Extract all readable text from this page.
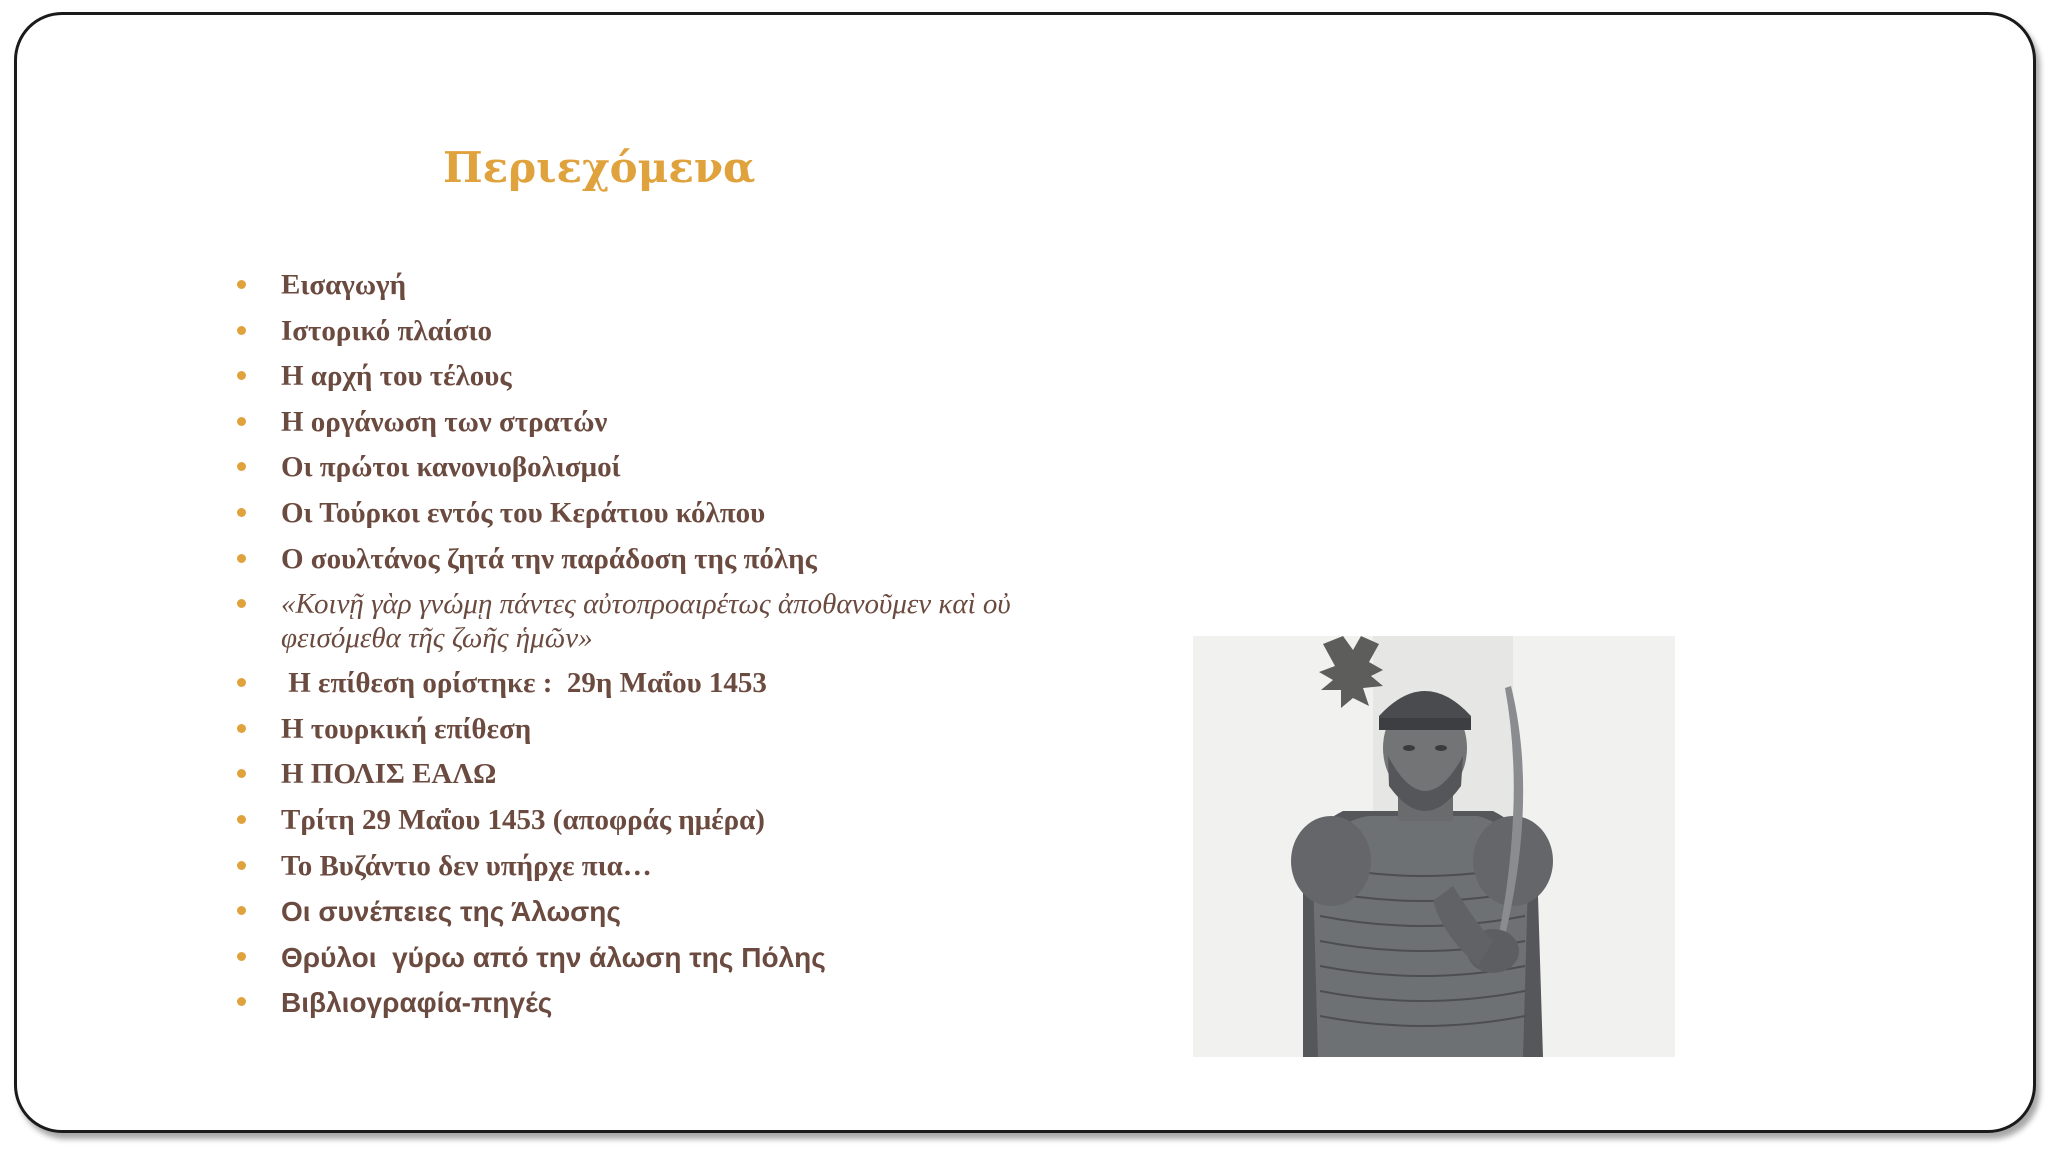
Περιεχόμενα
Εισαγωγή
Ιστορικό πλαίσιο
Η αρχή του τέλους
Η οργάνωση των στρατών
Οι πρώτοι κανονιοβολισμοί
Οι Τούρκοι εντός του Κεράτιου κόλπου
Ο σουλτάνος ζητά την παράδοση της πόλης
«Κοινῇ γὰρ γνώμῃ πάντες αὐτοπροαιρέτως ἀποθανοῦμεν καὶ οὐ φεισόμεθα τῆς ζωῆς ἡμῶν»
Η επίθεση ορίστηκε :  29η Μαΐου 1453
Η τουρκική επίθεση
Η ΠΟΛΙΣ ΕΑΛΩ
Τρίτη 29 Μαΐου 1453 (αποφράς ημέρα)
Το Βυζάντιο δεν υπήρχε πια…
Οι συνέπειες της Άλωσης
Θρύλοι  γύρω από την άλωση της Πόλης
Βιβλιογραφία-πηγές
